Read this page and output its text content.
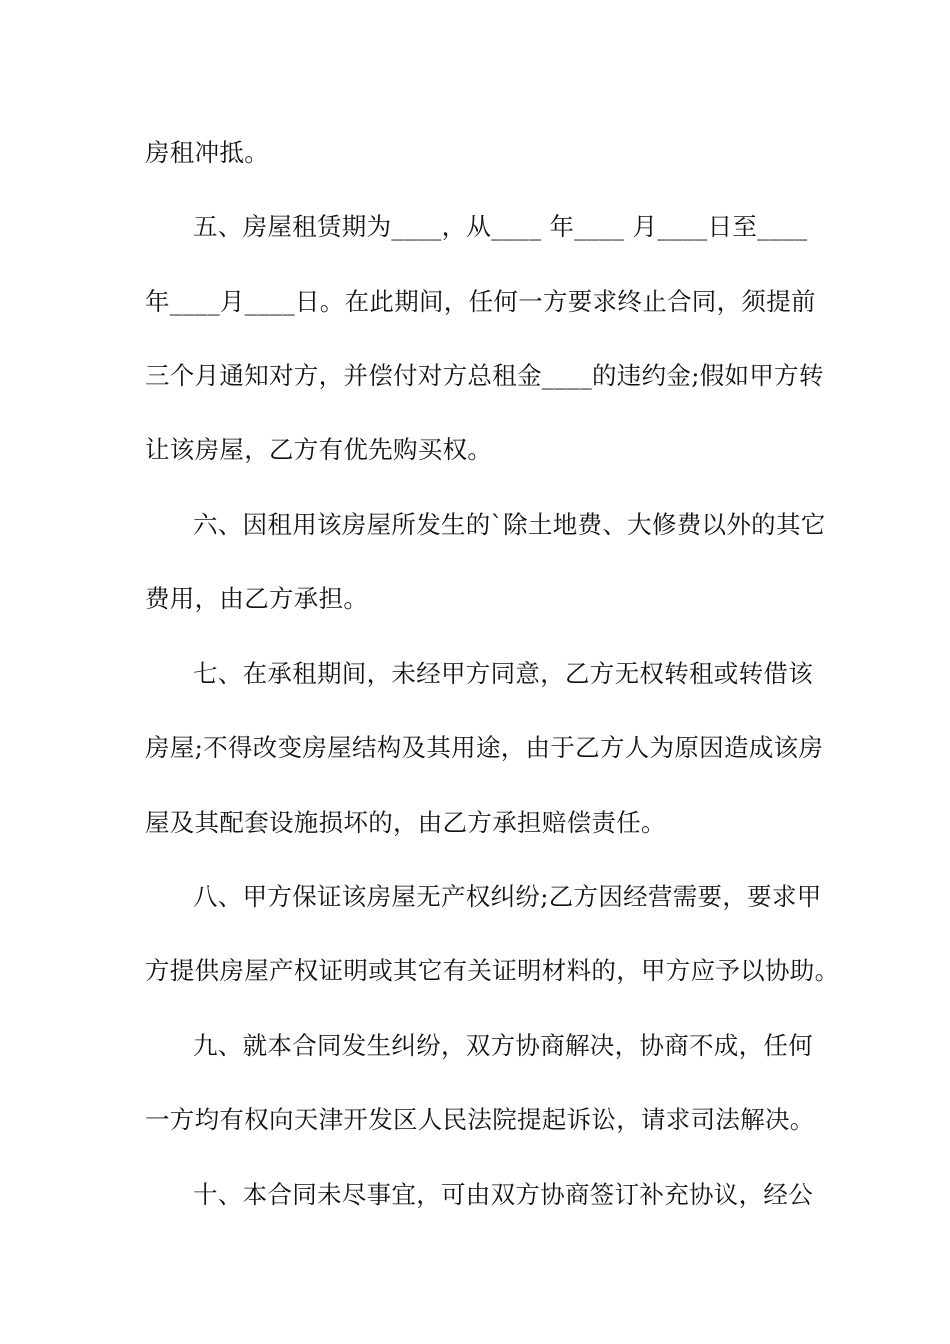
房租冲抵。
五、房屋租赁期为____，从____ 年____ 月____日至____
年____月____日。在此期间，任何一方要求终止合同，须提前
三个月通知对方，并偿付对方总租金____的违约金;假如甲方转
让该房屋，乙方有优先购买权。
六、因租用该房屋所发生的`除土地费、大修费以外的其它
费用，由乙方承担。
七、在承租期间，未经甲方同意，乙方无权转租或转借该
房屋;不得改变房屋结构及其用途，由于乙方人为原因造成该房
屋及其配套设施损坏的，由乙方承担赔偿责任。
八、甲方保证该房屋无产权纠纷;乙方因经营需要，要求甲
方提供房屋产权证明或其它有关证明材料的，甲方应予以协助。
九、就本合同发生纠纷，双方协商解决，协商不成，任何
一方均有权向天津开发区人民法院提起诉讼，请求司法解决。
十、本合同未尽事宜，可由双方协商签订补充协议，经公
